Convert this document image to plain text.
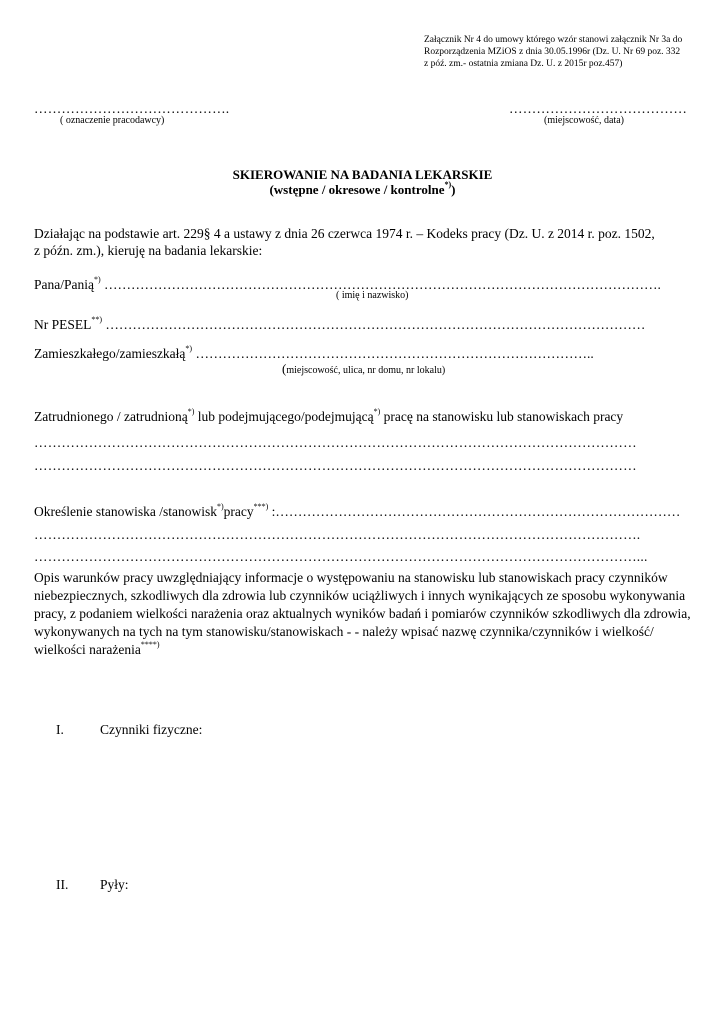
Załącznik Nr 4 do umowy którego wzór stanowi załącznik Nr 3a do
Rozporządzenia MZiOS z dnia 30.05.1996r (Dz. U. Nr 69 poz. 332
z póź. zm.- ostatnia zmiana Dz. U. z 2015r poz.457)
…………………………………….
( oznaczenie pracodawcy)
…………………………………
(miejscowość, data)
SKIEROWANIE NA BADANIA LEKARSKIE
(wstępne / okresowe / kontrolne*))
Działając na podstawie art. 229§ 4 a ustawy z dnia 26 czerwca 1974 r. – Kodeks pracy (Dz. U. z 2014 r. poz. 1502,
z późn. zm.), kieruję na badania lekarskie:
Pana/Panią*) …………………………………………………………………………………………………………….
( imię i nazwisko)
Nr PESEL**) …………………………………………………………………………………………………………
Zamieszkałego/zamieszkałą*) ……………………………………………………………………………..
(miejscowość, ulica, nr domu, nr lokalu)
Zatrudnionego / zatrudnioną*) lub podejmującego/podejmującą*) pracę na stanowisku lub stanowiskach pracy
……………………………………………………………………………………………………………………
……………………………………………………………………………………………………………………
Określenie stanowiska /stanowisk*)pracy***) :………………………………………………………………………………
…………………………………………………………………………………………………………………….
……………………………………………………………………………………………………………………...
Opis warunków pracy uwzględniający informacje o występowaniu na stanowisku lub stanowiskach pracy czynników
niebezpiecznych, szkodliwych dla zdrowia lub czynników uciążliwych i innych wynikających ze sposobu wykonywania
pracy, z podaniem wielkości narażenia oraz aktualnych wyników badań i pomiarów czynników szkodliwych dla zdrowia,
wykonywanych na tych na tym stanowisku/stanowiskach - - należy wpisać nazwę czynnika/czynników i wielkość/
wielkości narażenia****)
I.	Czynniki fizyczne:
II. Pyły:
